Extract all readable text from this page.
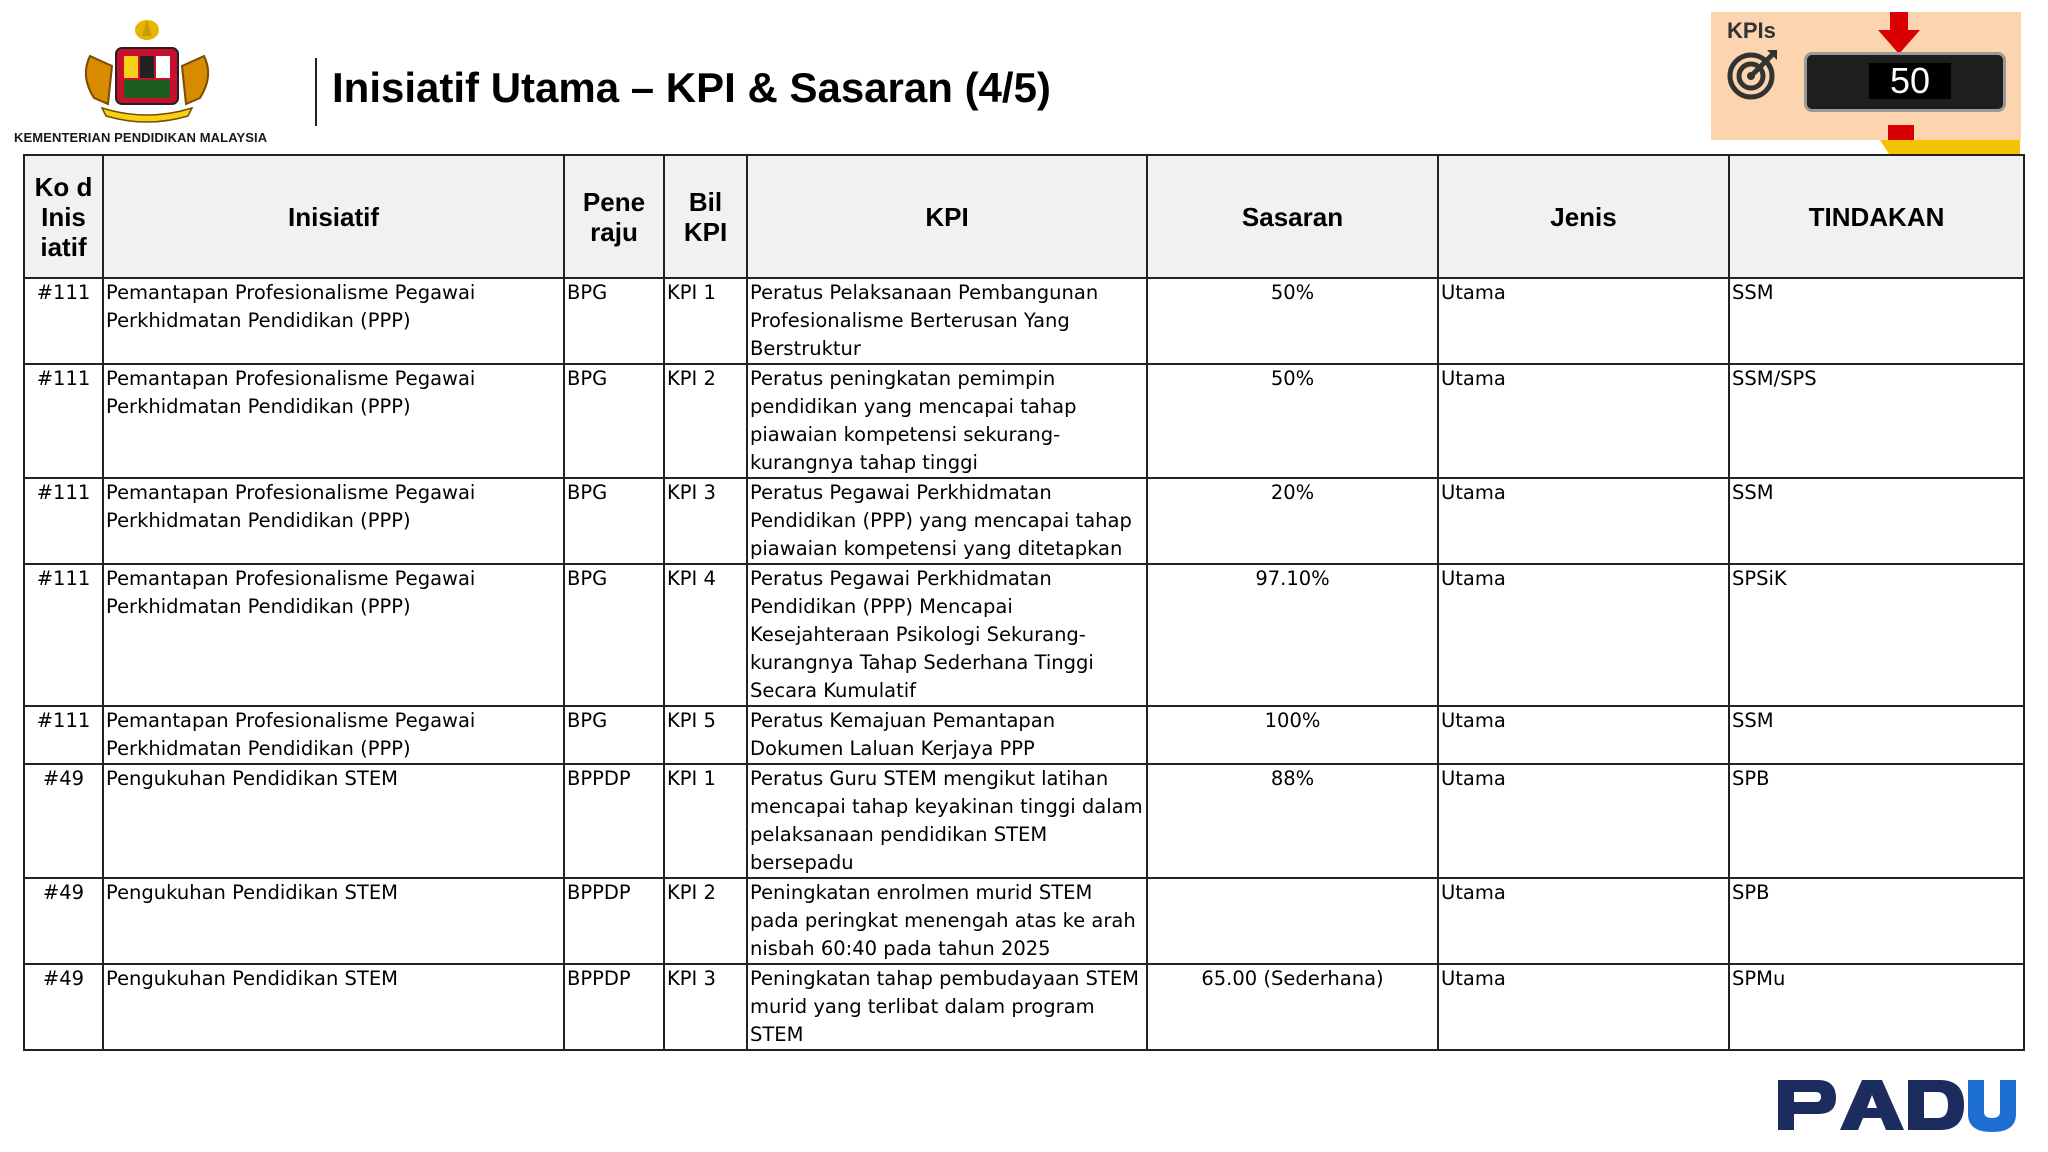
KEMENTERIAN PENDIDIKAN MALAYSIA
Inisiatif Utama – KPI & Sasaran (4/5)
KPIs
50
Ko d Inis iatif	Inisiatif	Pene raju	Bil KPI	KPI	Sasaran	Jenis	TINDAKAN
#111	Pemantapan Profesionalisme Pegawai Perkhidmatan Pendidikan (PPP)	BPG	KPI 1	Peratus Pelaksanaan Pembangunan Profesionalisme Berterusan Yang Berstruktur	50%	Utama	SSM
#111	Pemantapan Profesionalisme Pegawai Perkhidmatan Pendidikan (PPP)	BPG	KPI 2	Peratus peningkatan pemimpin pendidikan yang mencapai tahap piawaian kompetensi sekurang-kurangnya tahap tinggi	50%	Utama	SSM/SPS
#111	Pemantapan Profesionalisme Pegawai Perkhidmatan Pendidikan (PPP)	BPG	KPI 3	Peratus Pegawai Perkhidmatan Pendidikan (PPP) yang mencapai tahap piawaian kompetensi yang ditetapkan	20%	Utama	SSM
#111	Pemantapan Profesionalisme Pegawai Perkhidmatan Pendidikan (PPP)	BPG	KPI 4	Peratus Pegawai Perkhidmatan Pendidikan (PPP) Mencapai Kesejahteraan Psikologi Sekurang-kurangnya Tahap Sederhana Tinggi Secara Kumulatif	97.10%	Utama	SPSiK
#111	Pemantapan Profesionalisme Pegawai Perkhidmatan Pendidikan (PPP)	BPG	KPI 5	Peratus Kemajuan Pemantapan Dokumen Laluan Kerjaya PPP	100%	Utama	SSM
#49	Pengukuhan Pendidikan STEM	BPPDP	KPI 1	Peratus Guru STEM mengikut latihan mencapai tahap keyakinan tinggi dalam pelaksanaan pendidikan STEM bersepadu	88%	Utama	SPB
#49	Pengukuhan Pendidikan STEM	BPPDP	KPI 2	Peningkatan enrolmen murid STEM pada peringkat menengah atas ke arah nisbah 60:40 pada tahun 2025		Utama	SPB
#49	Pengukuhan Pendidikan STEM	BPPDP	KPI 3	Peningkatan tahap pembudayaan STEM murid yang terlibat dalam program STEM	65.00 (Sederhana)	Utama	SPMu
